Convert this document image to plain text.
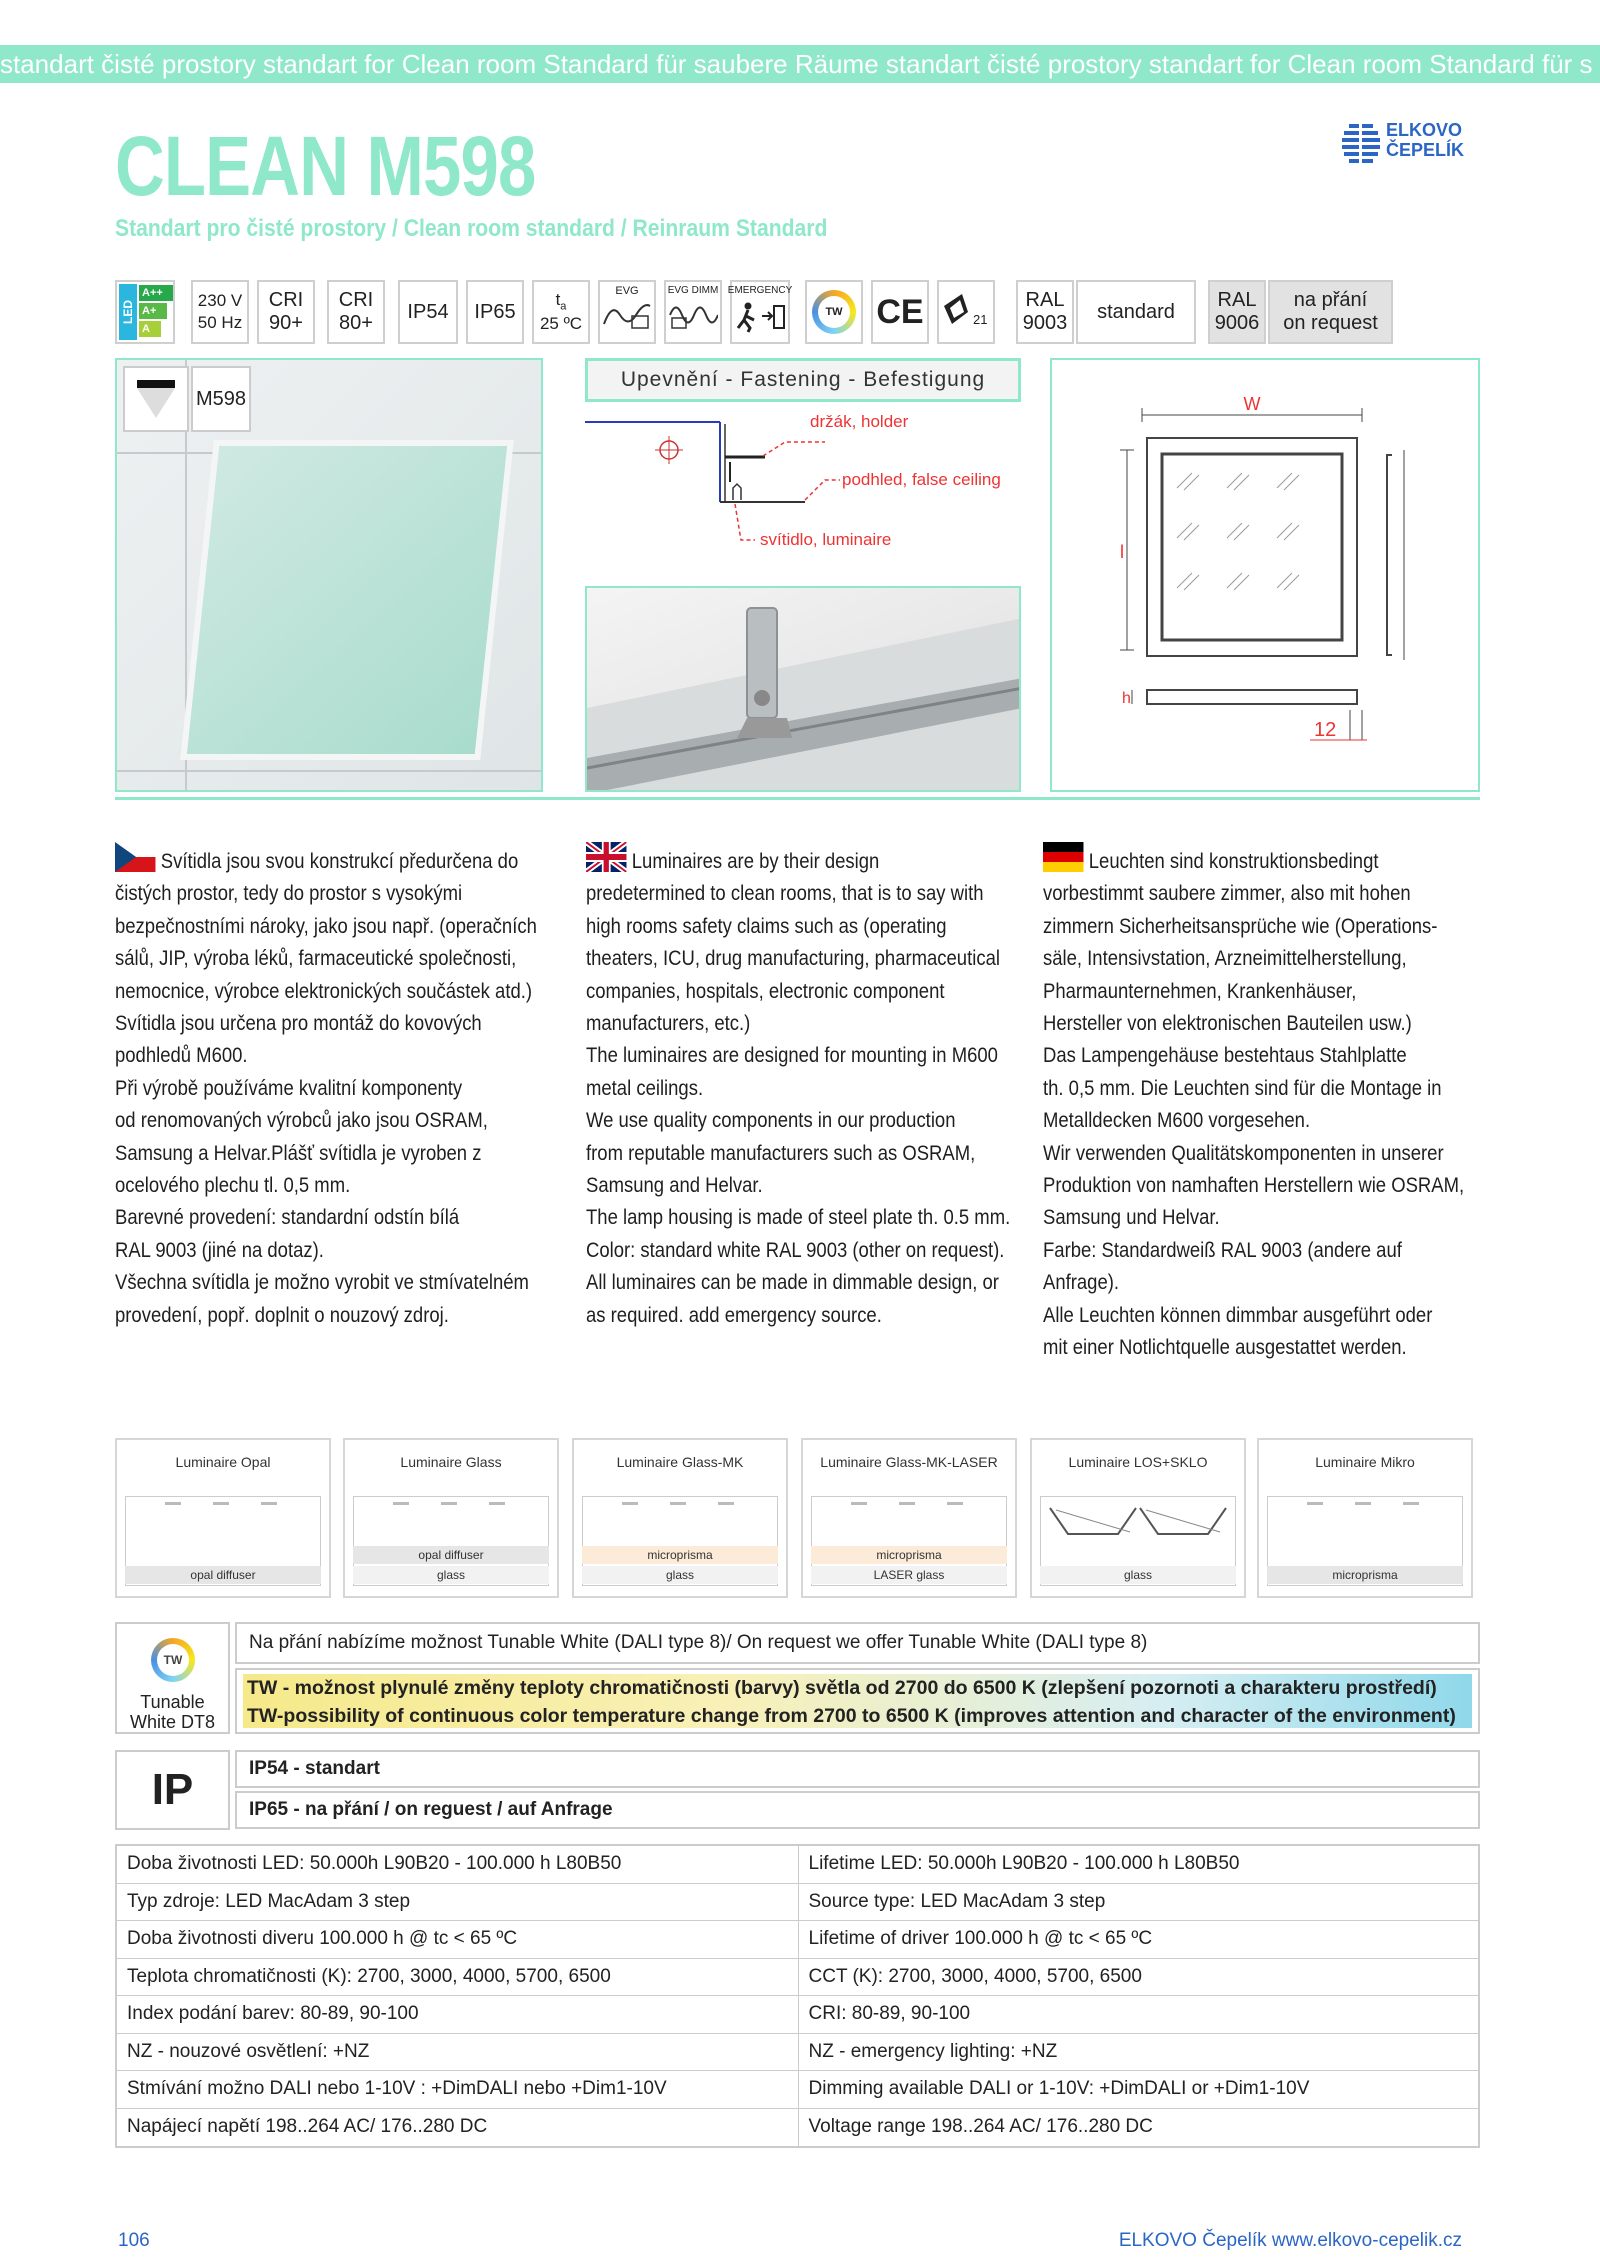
standart čisté prostory standart for Clean room Standard für saubere Räume standart čisté prostory standart for Clean room Standard für s
CLEAN M598
Standart pro čisté prostory / Clean room standard / Reinraum Standard
ELKOVO
ČEPELÍK
LED
A++
A+
A
230 V
50 Hz
CRI
90+
CRI
80+
IP54	IP65
$t_a$
25 ºC
EVG	EVG DIMM EMERGENCY
TW CE	21
RAL
9003
standard
RAL
9006
na přání
on request
M598
Upevnění - Fastening - Befestigung
držák, holder
podhled, false ceiling
svítidlo, luminaire
W
l
h
12

Svítidla jsou svou konstrukcí předurčena do

čistých prostor, tedy do prostor s vysokými

bezpečnostními nároky, jako jsou např. (operačních

sálů, JIP, výroba léků, farmaceutické společnosti,

nemocnice, výrobce elektronických součástek atd.)

Svítidla jsou určena pro montáž do kovových

podhledů M600.

Při výrobě používáme kvalitní komponenty

od renomovaných výrobců jako jsou OSRAM,

Samsung a Helvar.Plášť svítidla je vyroben z

ocelového plechu tl. 0,5 mm.

Barevné provedení: standardní odstín bílá

RAL 9003 (jiné na dotaz).

Všechna svítidla je možno vyrobit ve stmívatelném

provedení, popř. doplnit o nouzový zdroj.

Luminaires are by their design

predetermined to clean rooms, that is to say with

high rooms safety claims such as (operating

theaters, ICU, drug manufacturing, pharmaceutical

companies, hospitals, electronic component

manufacturers, etc.)

The luminaires are designed for mounting in M600

metal ceilings.

We use quality components in our production

from reputable manufacturers such as OSRAM,

Samsung and Helvar.

The lamp housing is made of steel plate th. 0.5 mm.

Color: standard white RAL 9003 (other on request).

All luminaires can be made in dimmable design, or

as required. add emergency source.

Leuchten sind konstruktionsbedingt

vorbestimmt saubere zimmer, also mit hohen

zimmern Sicherheitsansprüche wie (Operations-

säle, Intensivstation, Arzneimittelherstellung,

Pharmaunternehmen, Krankenhäuser,

Hersteller von elektronischen Bauteilen usw.)

Das Lampengehäuse bestehtaus Stahlplatte

th. 0,5 mm. Die Leuchten sind für die Montage in

Metalldecken M600 vorgesehen.

Wir verwenden Qualitätskomponenten in unserer

Produktion von namhaften Herstellern wie OSRAM,

Samsung und Helvar.

Farbe: Standardweiß RAL 9003 (andere auf

Anfrage).

Alle Leuchten können dimmbar ausgeführt oder

mit einer Notlichtquelle ausgestattet werden.

Luminaire Opal
opal diffuser
Luminaire Glass
opal diffuser
glass
Luminaire Glass-MK
microprisma
glass
Luminaire Glass-MK-LASER
microprisma
LASER glass
Luminaire LOS+SKLO
glass
Luminaire Mikro
microprisma
TW
Tunable
White DT8
Na přání nabízíme možnost Tunable White (DALI type 8)/ On request we offer Tunable White (DALI type 8)
TW - možnost plynulé změny teploty chromatičnosti (barvy) světla od 2700 do 6500 K (zlepšení pozornoti a charakteru prostředí)
TW-possibility of continuous color temperature change from 2700 to 6500 K (improves attention and character of the environment)
IP	IP54 - standart
IP65 - na přání / on reguest / auf Anfrage
Doba životnosti LED: 50.000h L90B20 - 100.000 h L80B50	Lifetime LED: 50.000h L90B20 - 100.000 h L80B50
Typ zdroje: LED MacAdam 3 step	Source type: LED MacAdam 3 step
Doba životnosti diveru 100.000 h @ tc < 65 ºC	Lifetime of driver 100.000 h @ tc < 65 ºC
Teplota chromatičnosti (K): 2700, 3000, 4000, 5700, 6500	CCT (K): 2700, 3000, 4000, 5700, 6500
Index podání barev: 80-89, 90-100	CRI: 80-89, 90-100
NZ - nouzové osvětlení: +NZ	NZ - emergency lighting: +NZ
Stmívání možno DALI nebo 1-10V : +DimDALI nebo +Dim1-10V	Dimming available DALI or 1-10V: +DimDALI or +Dim1-10V
Napájecí napětí 198..264 AC/ 176..280 DC	Voltage range 198..264 AC/ 176..280 DC
106	ELKOVO Čepelík www.elkovo-cepelik.cz
